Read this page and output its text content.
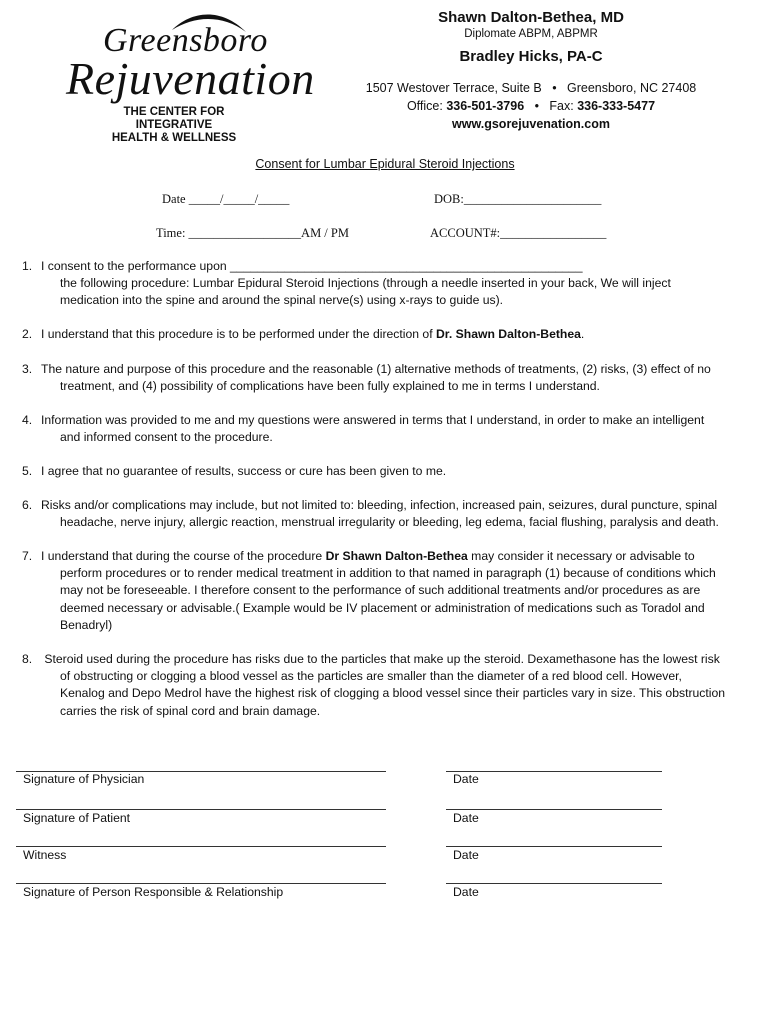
Greensboro
Rejuvenation
THE CENTER FOR INTEGRATIVE
HEALTH & WELLNESS
Shawn Dalton-Bethea, MD
Diplomate ABPM, ABPMR
Bradley Hicks, PA-C
1507 Westover Terrace, Suite B   •   Greensboro, NC 27408
Office: 336-501-3796   •   Fax: 336-333-5477
www.gsorejuvenation.com
Consent for Lumbar Epidural Steroid Injections
Date _____/_____/_____	DOB:______________________
Time: __________________AM / PM	ACCOUNT#:_________________
1. I consent to the performance upon ____________________________________________________
the following procedure: Lumbar Epidural Steroid Injections (through a needle inserted in your back, We will inject
medication into the spine and around the spinal nerve(s) using x-rays to guide us).
2. I understand that this procedure is to be performed under the direction of Dr. Shawn Dalton-Bethea.
3. The nature and purpose of this procedure and the reasonable (1) alternative methods of treatments, (2) risks, (3) effect of no
treatment, and (4) possibility of complications have been fully explained to me in terms I understand.
4. Information was provided to me and my questions were answered in terms that I understand, in order to make an intelligent
and informed consent to the procedure.
5. I agree that no guarantee of results, success or cure has been given to me.
6. Risks and/or complications may include, but not limited to: bleeding, infection, increased pain, seizures, dural puncture, spinal
headache, nerve injury, allergic reaction, menstrual irregularity or bleeding, leg edema, facial flushing, paralysis and death.
7. I understand that during the course of the procedure Dr Shawn Dalton-Bethea may consider it necessary or advisable to
perform procedures or to render medical treatment in addition to that named in paragraph (1) because of conditions which
may not be foreseeable. I therefore consent to the performance of such additional treatments and/or procedures as are
deemed necessary or advisable.( Example would be IV placement or administration of medications such as Toradol and
Benadryl)
8. Steroid used during the procedure has risks due to the particles that make up the steroid. Dexamethasone has the lowest risk
of obstructing or clogging a blood vessel as the particles are smaller than the diameter of a red blood cell. However,
Kenalog and Depo Medrol have the highest risk of clogging a blood vessel since their particles vary in size. This obstruction
carries the risk of spinal cord and brain damage.
Signature of Physician	Date
Signature of Patient	Date
Witness	Date
Signature of Person Responsible & Relationship	Date
